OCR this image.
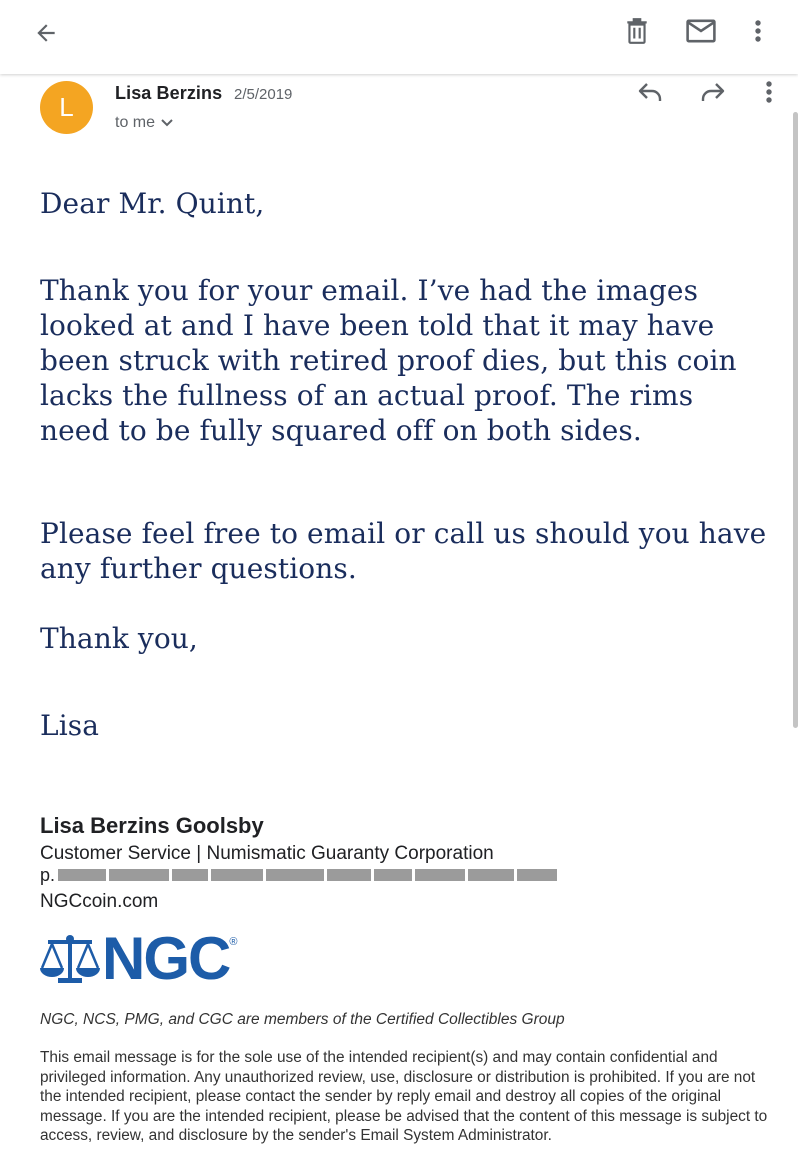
L	Lisa Berzins 2/5/2019
to me
Dear Mr. Quint,
Thank you for your email. I’ve had the images looked at and I have been told that it may have been struck with retired proof dies, but this coin lacks the fullness of an actual proof. The rims need to be fully squared off on both sides.
Please feel free to email or call us should you have any further questions.
Thank you,
Lisa
Lisa Berzins Goolsby
Customer Service | Numismatic Guaranty Corporation
p.
NGCcoin.com
NGC ®
NGC, NCS, PMG, and CGC are members of the Certified Collectibles Group
This email message is for the sole use of the intended recipient(s) and may contain confidential and privileged information. Any unauthorized review, use, disclosure or distribution is prohibited. If you are not the intended recipient, please contact the sender by reply email and destroy all copies of the original message. If you are the intended recipient, please be advised that the content of this message is subject to access, review, and disclosure by the sender's Email System Administrator.
